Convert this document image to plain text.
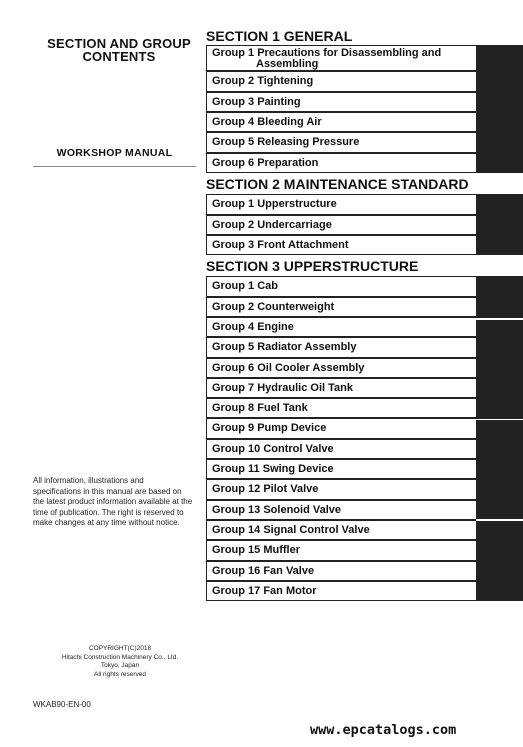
SECTION AND GROUP
CONTENTS
WORKSHOP MANUAL
All information, illustrations and specifications in this manual are based on the latest product information available at the time of publication. The right is reserved to make changes at any time without notice.
COPYRIGHT(C)2018
Hitachi Construction Machinery Co., Ltd.
Tokyo, Japan
All rights reserved
WKAB90-EN-00
www.epcatalogs.com
SECTION 1 GENERAL
Group 1 Precautions for Disassembling and
Assembling
Group 2 Tightening
Group 3 Painting
Group 4 Bleeding Air
Group 5 Releasing Pressure
Group 6 Preparation
SECTION 2 MAINTENANCE STANDARD
Group 1 Upperstructure
Group 2 Undercarriage
Group 3 Front Attachment
SECTION 3 UPPERSTRUCTURE
Group 1 Cab
Group 2 Counterweight
Group 4 Engine
Group 5 Radiator Assembly
Group 6 Oil Cooler Assembly
Group 7 Hydraulic Oil Tank
Group 8 Fuel Tank
Group 9 Pump Device
Group 10 Control Valve
Group 11 Swing Device
Group 12 Pilot Valve
Group 13 Solenoid Valve
Group 14 Signal Control Valve
Group 15 Muffler
Group 16 Fan Valve
Group 17 Fan Motor
